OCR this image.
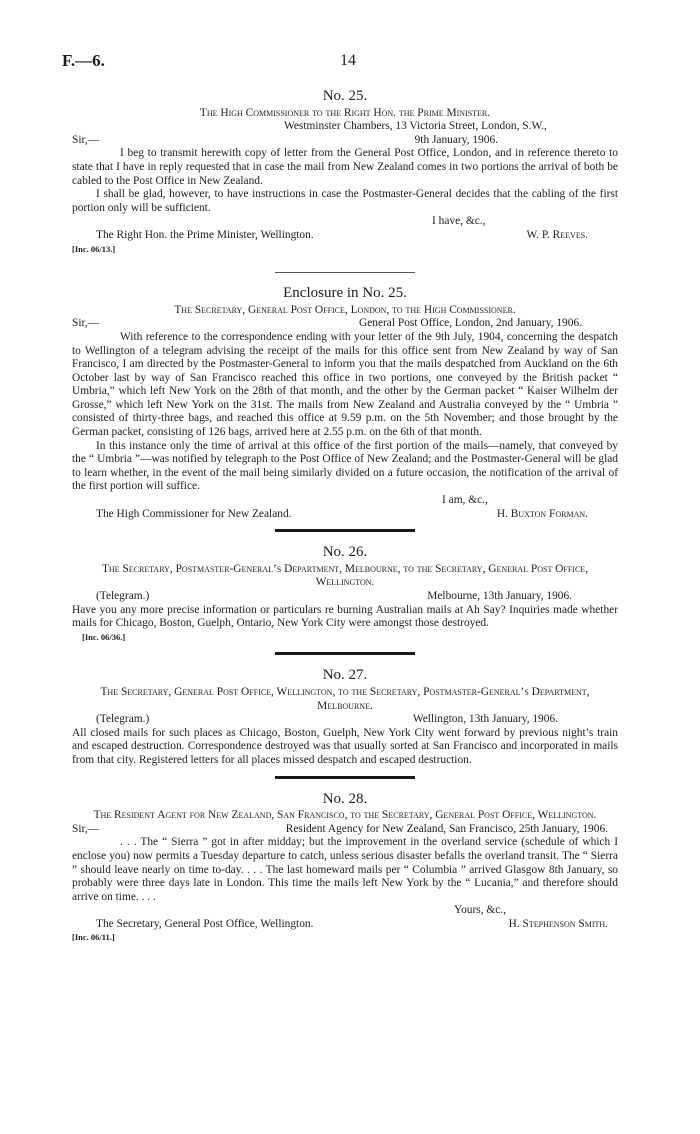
F.—6.	14

No. 25.

The High Commissioner to the Right Hon. the Prime Minister.

Westminster Chambers, 13 Victoria Street, London, S.W.,

Sir,—	9th January, 1906.

I beg to transmit herewith copy of letter from the General Post Office, London, and in reference thereto to state that I have in reply requested that in case the mail from New Zealand comes in two portions the arrival of both be cabled to the Post Office in New Zealand.

I shall be glad, however, to have instructions in case the Postmaster-General decides that the cabling of the first portion only will be sufficient.

I have, &c.,

The Right Hon. the Prime Minister, Wellington.	W. P. Reeves.

[Inc. 06/13.]

Enclosure in No. 25.

The Secretary, General Post Office, London, to the High Commissioner.

Sir,—	General Post Office, London, 2nd January, 1906.

With reference to the correspondence ending with your letter of the 9th July, 1904, concerning the despatch to Wellington of a telegram advising the receipt of the mails for this office sent from New Zealand by way of San Francisco, I am directed by the Postmaster-General to inform you that the mails despatched from Auckland on the 6th October last by way of San Francisco reached this office in two portions, one conveyed by the British packet “ Umbria,” which left New York on the 28th of that month, and the other by the German packet “ Kaiser Wilhelm der Grosse,” which left New York on the 31st. The mails from New Zealand and Australia conveyed by the “ Umbria ” consisted of thirty-three bags, and reached this office at 9.59 p.m. on the 5th November; and those brought by the German packet, consisting of 126 bags, arrived here at 2.55 p.m. on the 6th of that month.

In this instance only the time of arrival at this office of the first portion of the mails—namely, that conveyed by the “ Umbria ”—was notified by telegraph to the Post Office of New Zealand; and the Postmaster-General will be glad to learn whether, in the event of the mail being similarly divided on a future occasion, the notification of the arrival of the first portion will suffice.

I am, &c.,

The High Commissioner for New Zealand.	H. Buxton Forman.

No. 26.

The Secretary, Postmaster-General’s Department, Melbourne, to the Secretary, General Post Office, Wellington.

(Telegram.)	Melbourne, 13th January, 1906.

Have you any more precise information or particulars re burning Australian mails at Ah Say? Inquiries made whether mails for Chicago, Boston, Guelph, Ontario, New York City were amongst those destroyed.

[Inc. 06/36.]

No. 27.

The Secretary, General Post Office, Wellington, to the Secretary, Postmaster-General’s Department, Melbourne.

(Telegram.)	Wellington, 13th January, 1906.

All closed mails for such places as Chicago, Boston, Guelph, New York City went forward by previous night’s train and escaped destruction. Correspondence destroyed was that usually sorted at San Francisco and incorporated in mails from that city. Registered letters for all places missed despatch and escaped destruction.

No. 28.

The Resident Agent for New Zealand, San Francisco, to the Secretary, General Post Office, Wellington.

Sir,—	Resident Agency for New Zealand, San Francisco, 25th January, 1906.

. . . The “ Sierra ” got in after midday; but the improvement in the overland service (schedule of which I enclose you) now permits a Tuesday departure to catch, unless serious disaster befalls the overland transit. The “ Sierra ” should leave nearly on time to-day. . . . The last homeward mails per “ Columbia ” arrived Glasgow 8th January, so probably were three days late in London. This time the mails left New York by the “ Lucania,” and therefore should arrive on time. . . .

Yours, &c.,

The Secretary, General Post Office, Wellington.	H. Stephenson Smith.

[Inc. 06/11.]
